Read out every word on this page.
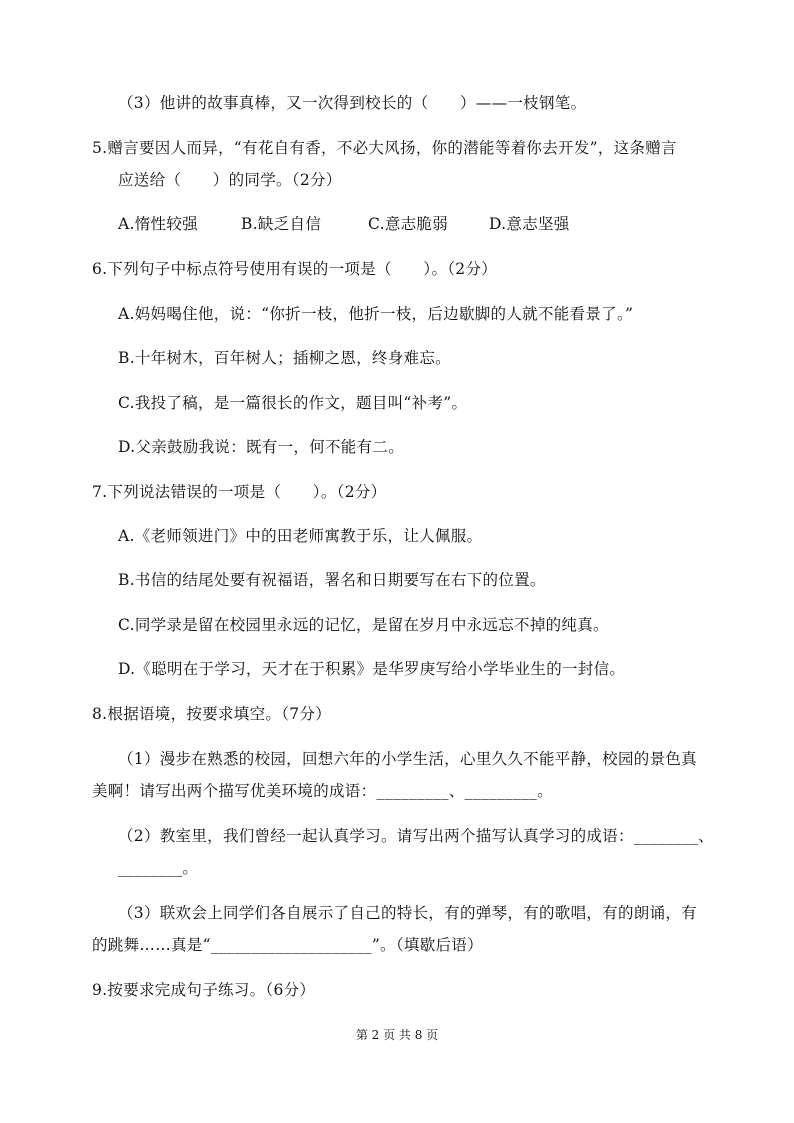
（3）他讲的故事真棒，又一次得到校长的（　　）——一枝钢笔。
5.赠言要因人而异，“有花自有香，不必大风扬，你的潜能等着你去开发”，这条赠言
应送给（　　）的同学。（2分）
A.惰性较强	B.缺乏自信	C.意志脆弱	D.意志坚强
6.下列句子中标点符号使用有误的一项是（　　）。（2分）
A.妈妈喝住他，说：“你折一枝，他折一枝，后边歇脚的人就不能看景了。”
B.十年树木，百年树人；插柳之恩，终身难忘。
C.我投了稿，是一篇很长的作文，题目叫“补考”。
D.父亲鼓励我说：既有一，何不能有二。
7.下列说法错误的一项是（　　）。（2分）
A.《老师领进门》中的田老师寓教于乐，让人佩服。
B.书信的结尾处要有祝福语，署名和日期要写在右下的位置。
C.同学录是留在校园里永远的记忆，是留在岁月中永远忘不掉的纯真。
D.《聪明在于学习，天才在于积累》是华罗庚写给小学毕业生的一封信。
8.根据语境，按要求填空。（7分）
（1）漫步在熟悉的校园，回想六年的小学生活，心里久久不能平静，校园的景色真
美啊！请写出两个描写优美环境的成语：_________、_________。
（2）教室里，我们曾经一起认真学习。请写出两个描写认真学习的成语：________、
________。
（3）联欢会上同学们各自展示了自己的特长，有的弹琴，有的歌唱，有的朗诵，有
的跳舞……真是“____________________”。（填歇后语）
9.按要求完成句子练习。（6分）
第 2 页 共 8 页
